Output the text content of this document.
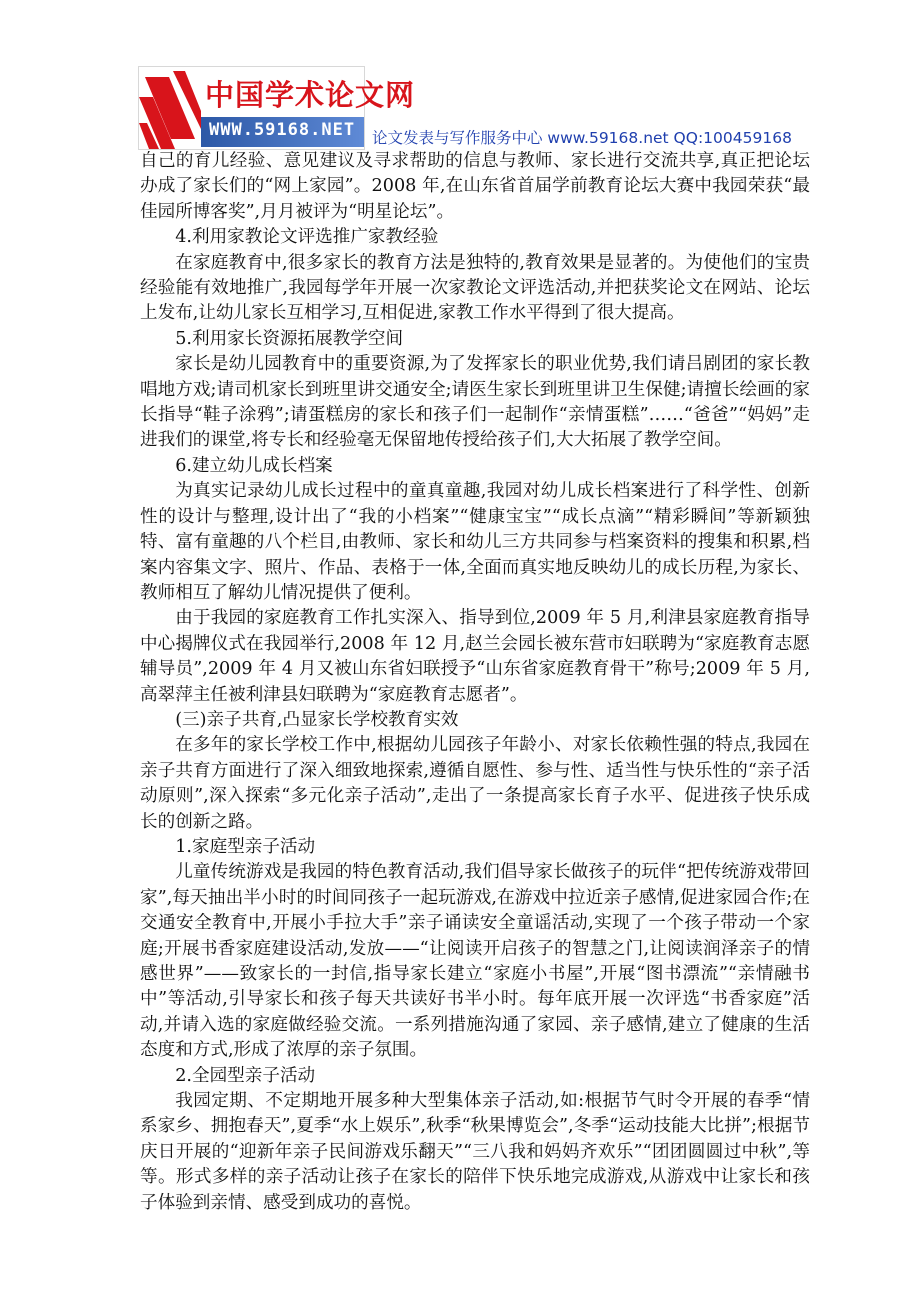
中国学术论文网
WWW.59168.NET 论文发表与写作服务中心 www.59168.net QQ:100459168

自己的育儿经验、意见建议及寻求帮助的信息与教师、家长进行交流共享,真正把论坛办成了家长们的“网上家园”。2008 年,在山东省首届学前教育论坛大赛中我园荣获“最佳园所博客奖”,月月被评为“明星论坛”。

4.利用家教论文评选推广家教经验

在家庭教育中,很多家长的教育方法是独特的,教育效果是显著的。为使他们的宝贵经验能有效地推广,我园每学年开展一次家教论文评选活动,并把获奖论文在网站、论坛上发布,让幼儿家长互相学习,互相促进,家教工作水平得到了很大提高。

5.利用家长资源拓展教学空间

家长是幼儿园教育中的重要资源,为了发挥家长的职业优势,我们请吕剧团的家长教唱地方戏;请司机家长到班里讲交通安全;请医生家长到班里讲卫生保健;请擅长绘画的家长指导“鞋子涂鸦”;请蛋糕房的家长和孩子们一起制作“亲情蛋糕”……“爸爸”“妈妈”走进我们的课堂,将专长和经验毫无保留地传授给孩子们,大大拓展了教学空间。

6.建立幼儿成长档案

为真实记录幼儿成长过程中的童真童趣,我园对幼儿成长档案进行了科学性、创新性的设计与整理,设计出了“我的小档案”“健康宝宝”“成长点滴”“精彩瞬间”等新颖独特、富有童趣的八个栏目,由教师、家长和幼儿三方共同参与档案资料的搜集和积累,档案内容集文字、照片、作品、表格于一体,全面而真实地反映幼儿的成长历程,为家长、教师相互了解幼儿情况提供了便利。

由于我园的家庭教育工作扎实深入、指导到位,2009 年 5 月,利津县家庭教育指导中心揭牌仪式在我园举行,2008 年 12 月,赵兰会园长被东营市妇联聘为“家庭教育志愿辅导员”,2009 年 4 月又被山东省妇联授予“山东省家庭教育骨干”称号;2009 年 5 月,高翠萍主任被利津县妇联聘为“家庭教育志愿者”。

(三)亲子共育,凸显家长学校教育实效

在多年的家长学校工作中,根据幼儿园孩子年龄小、对家长依赖性强的特点,我园在亲子共育方面进行了深入细致地探索,遵循自愿性、参与性、适当性与快乐性的“亲子活动原则”,深入探索“多元化亲子活动”,走出了一条提高家长育子水平、促进孩子快乐成长的创新之路。

1.家庭型亲子活动

儿童传统游戏是我园的特色教育活动,我们倡导家长做孩子的玩伴“把传统游戏带回家”,每天抽出半小时的时间同孩子一起玩游戏,在游戏中拉近亲子感情,促进家园合作;在交通安全教育中,开展小手拉大手”亲子诵读安全童谣活动,实现了一个孩子带动一个家庭;开展书香家庭建设活动,发放——“让阅读开启孩子的智慧之门,让阅读润泽亲子的情感世界”——致家长的一封信,指导家长建立“家庭小书屋”,开展“图书漂流”“亲情融书中”等活动,引导家长和孩子每天共读好书半小时。每年底开展一次评选“书香家庭”活动,并请入选的家庭做经验交流。一系列措施沟通了家园、亲子感情,建立了健康的生活态度和方式,形成了浓厚的亲子氛围。

2.全园型亲子活动

我园定期、不定期地开展多种大型集体亲子活动,如:根据节气时令开展的春季“情系家乡、拥抱春天”,夏季“水上娱乐”,秋季“秋果博览会”,冬季“运动技能大比拼”;根据节庆日开展的“迎新年亲子民间游戏乐翻天”“三八我和妈妈齐欢乐”“团团圆圆过中秋”,等等。形式多样的亲子活动让孩子在家长的陪伴下快乐地完成游戏,从游戏中让家长和孩子体验到亲情、感受到成功的喜悦。
